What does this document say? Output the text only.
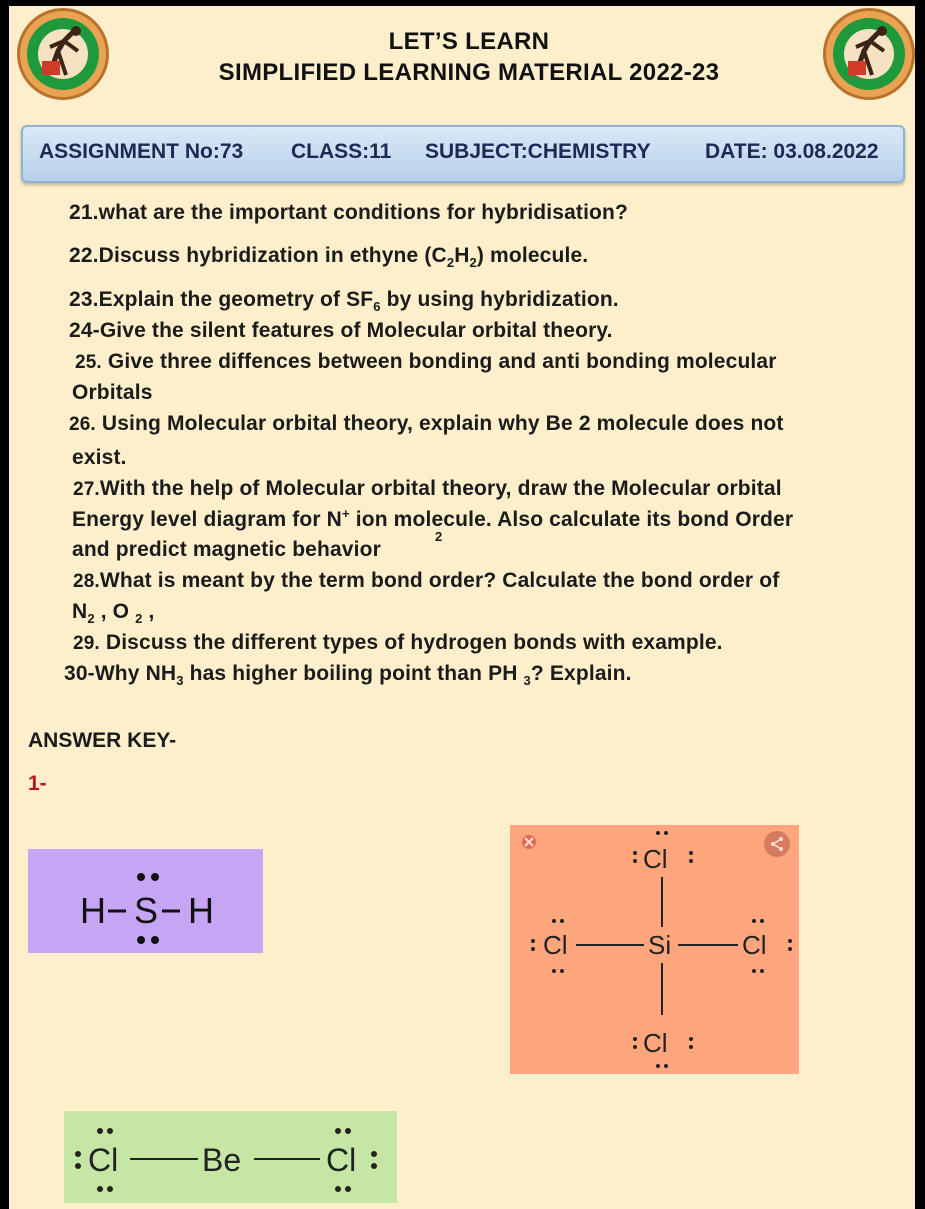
LET’S LEARN
SIMPLIFIED LEARNING MATERIAL 2022-23
ASSIGNMENT No:73 CLASS:11 SUBJECT:CHEMISTRY	DATE: 03.08.2022
21.what are the important conditions for hybridisation?
22.Discuss hybridization in ethyne $(C_2H_2)$ molecule.
23.Explain the geometry of $SF_6$ by using hybridization.
24-Give the silent features of Molecular orbital theory.
25. Give three diffences between bonding and anti bonding molecular
Orbitals
26. Using Molecular orbital theory, explain why Be 2 molecule does not
exist.
27.With the help of Molecular orbital theory, draw the Molecular orbital
Energy level diagram for N+ ion molecule. Also calculate its bond Order
2
and predict magnetic behavior
28.What is meant by the term bond order? Calculate the bond order of
$N_2$ , O $_2$ ,
29. Discuss the different types of hydrogen bonds with example.
30-Why $NH_3$ has higher boiling point than PH $_3$? Explain.
ANSWER KEY-
1-
H S H
Cl
Si
Cl	Cl
Cl
Cl	Be	Cl
